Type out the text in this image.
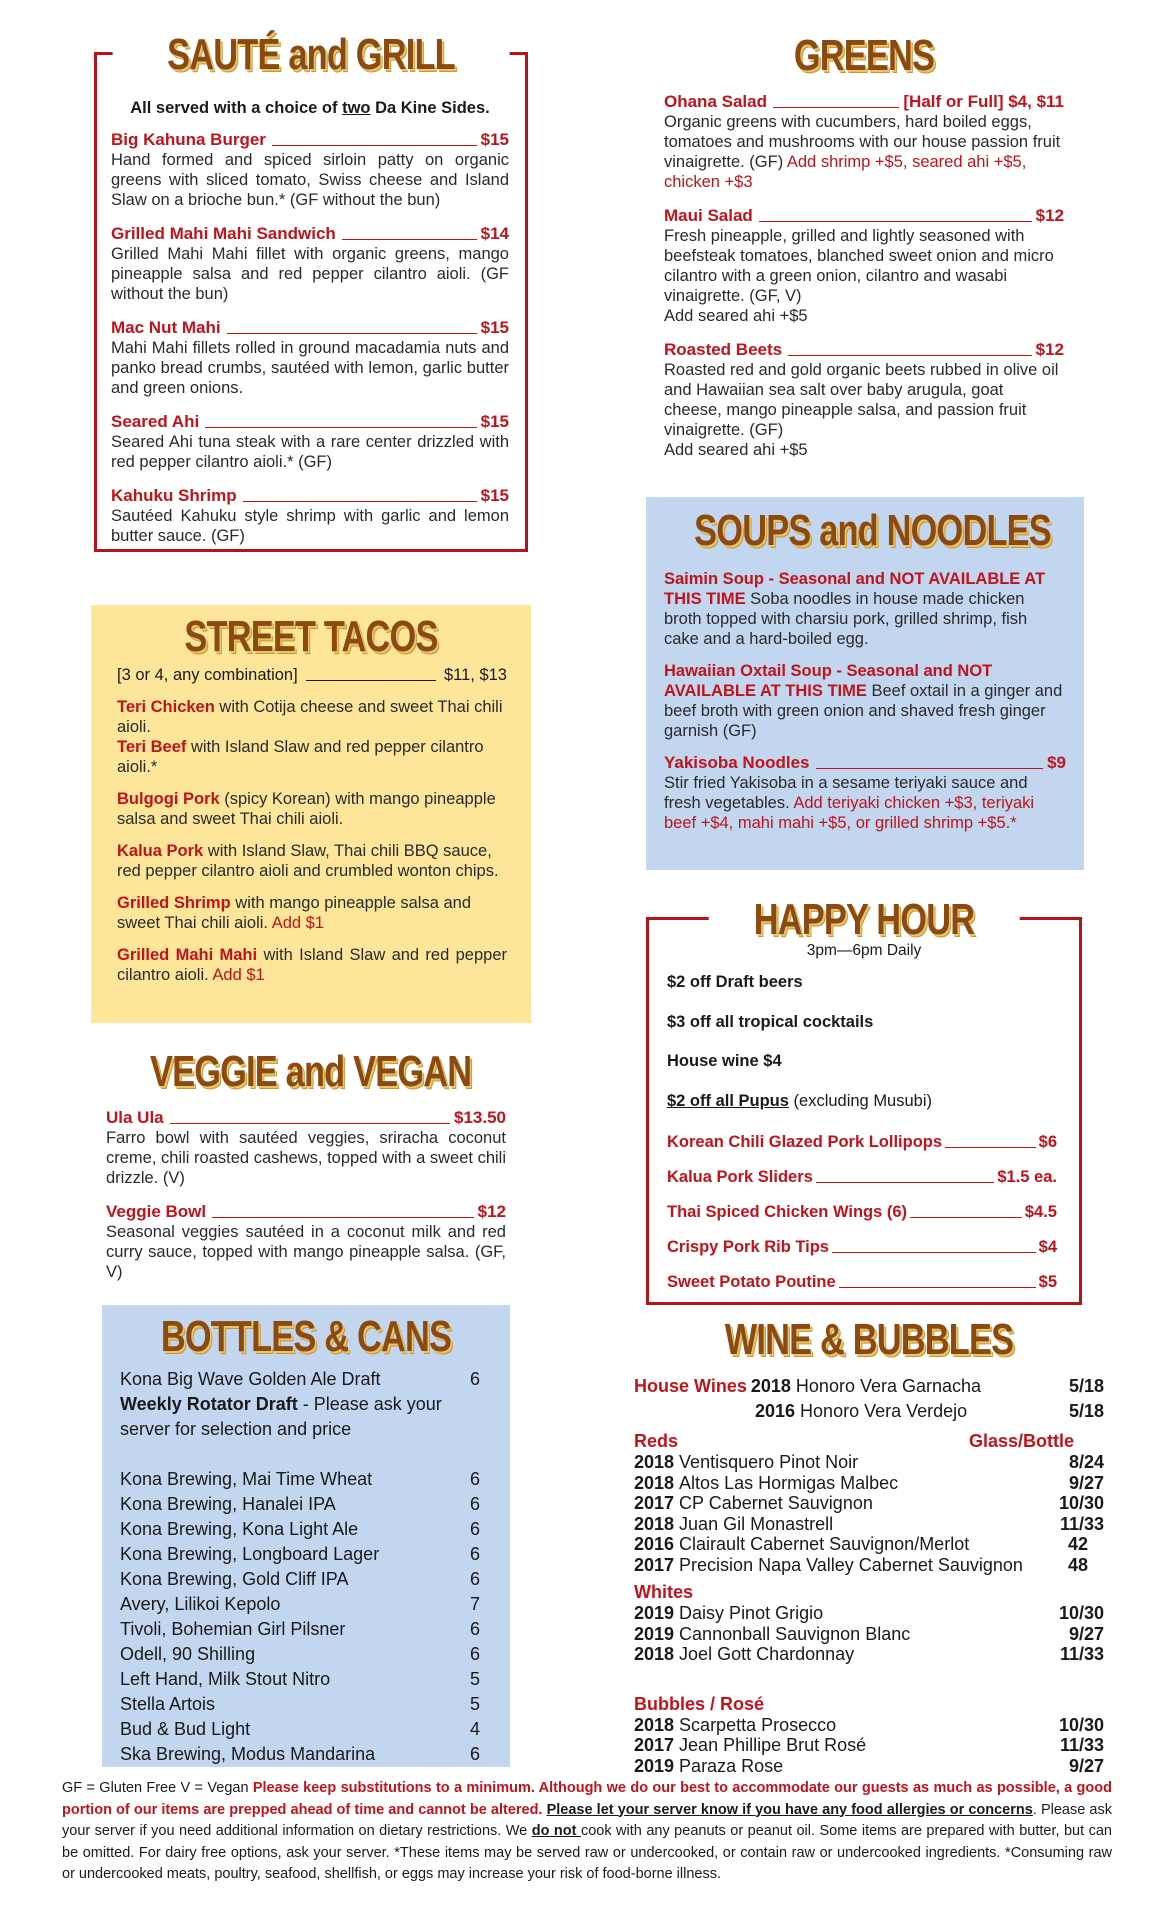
SAUTÉ and GRILL
All served with a choice of two Da Kine Sides.
Big Kahuna Burger	$15
Hand formed and spiced sirloin patty on organic greens with sliced tomato, Swiss cheese and Island Slaw on a brioche bun.* (GF without the bun)
Grilled Mahi Mahi Sandwich	$14
Grilled Mahi Mahi fillet with organic greens, mango pineapple salsa and red pepper cilantro aioli. (GF without the bun)
Mac Nut Mahi	$15
Mahi Mahi fillets rolled in ground macadamia nuts and panko bread crumbs, sautéed with lemon, garlic butter and green onions.
Seared Ahi	$15
Seared Ahi tuna steak with a rare center drizzled with red pepper cilantro aioli.* (GF)
Kahuku Shrimp	$15
Sautéed Kahuku style shrimp with garlic and lemon butter sauce. (GF)
GREENS
Ohana Salad	[Half or Full] $4, $11
Organic greens with cucumbers, hard boiled eggs, tomatoes and mushrooms with our house passion fruit vinaigrette. (GF) Add shrimp +$5, seared ahi +$5, chicken +$3
Maui Salad	$12
Fresh pineapple, grilled and lightly seasoned with beefsteak tomatoes, blanched sweet onion and micro cilantro with a green onion, cilantro and wasabi vinaigrette. (GF, V)
Add seared ahi +$5
Roasted Beets	$12
Roasted red and gold organic beets rubbed in olive oil and Hawaiian sea salt over baby arugula, goat cheese, mango pineapple salsa, and passion fruit vinaigrette. (GF)
Add seared ahi +$5
STREET TACOS
[3 or 4, any combination]	$11, $13
Teri Chicken with Cotija cheese and sweet Thai chili aioli.
Teri Beef with Island Slaw and red pepper cilantro aioli.*
Bulgogi Pork (spicy Korean) with mango pineapple salsa and sweet Thai chili aioli.
Kalua Pork with Island Slaw, Thai chili BBQ sauce, red pepper cilantro aioli and crumbled wonton chips.
Grilled Shrimp with mango pineapple salsa and sweet Thai chili aioli. Add $1
Grilled Mahi Mahi with Island Slaw and red pepper cilantro aioli. Add $1
VEGGIE and VEGAN
Ula Ula	$13.50
Farro bowl with sautéed veggies, sriracha coconut creme, chili roasted cashews, topped with a sweet chili drizzle. (V)
Veggie Bowl	$12
Seasonal veggies sautéed in a coconut milk and red curry sauce, topped with mango pineapple salsa. (GF, V)
BOTTLES & CANS
Kona Big Wave Golden Ale Draft	6
Weekly Rotator Draft - Please ask your server for selection and price
Kona Brewing, Mai Time Wheat	6
Kona Brewing, Hanalei IPA	6
Kona Brewing, Kona Light Ale	6
Kona Brewing, Longboard Lager	6
Kona Brewing, Gold Cliff IPA	6
Avery, Lilikoi Kepolo	7
Tivoli, Bohemian Girl Pilsner	6
Odell, 90 Shilling	6
Left Hand, Milk Stout Nitro	5
Stella Artois	5
Bud & Bud Light	4
Ska Brewing, Modus Mandarina	6
SOUPS and NOODLES
Saimin Soup - Seasonal and NOT AVAILABLE AT THIS TIME Soba noodles in house made chicken broth topped with charsiu pork, grilled shrimp, fish cake and a hard-boiled egg.
Hawaiian Oxtail Soup - Seasonal and NOT AVAILABLE AT THIS TIME Beef oxtail in a ginger and beef broth with green onion and shaved fresh ginger garnish (GF)
Yakisoba Noodles	$9
Stir fried Yakisoba in a sesame teriyaki sauce and fresh vegetables. Add teriyaki chicken +$3, teriyaki beef +$4, mahi mahi +$5, or grilled shrimp +$5.*
HAPPY HOUR
3pm—6pm Daily
$2 off Draft beers
$3 off all tropical cocktails
House wine $4
$2 off all Pupus (excluding Musubi)
Korean Chili Glazed Pork Lollipops	$6
Kalua Pork Sliders	$1.5 ea.
Thai Spiced Chicken Wings (6)	$4.5
Crispy Pork Rib Tips	$4
Sweet Potato Poutine	$5
WINE & BUBBLES
House Wines 2018 Honoro Vera Garnacha	5/18
2016 Honoro Vera Verdejo	5/18
Reds	Glass/Bottle
2018 Ventisquero Pinot Noir	8/24
2018 Altos Las Hormigas Malbec	9/27
2017 CP Cabernet Sauvignon	10/30
2018 Juan Gil Monastrell	11/33
2016 Clairault Cabernet Sauvignon/Merlot	42
2017 Precision Napa Valley Cabernet Sauvignon	48
Whites
2019 Daisy Pinot Grigio	10/30
2019 Cannonball Sauvignon Blanc	9/27
2018 Joel Gott Chardonnay	11/33
Bubbles / Rosé
2018 Scarpetta Prosecco	10/30
2017 Jean Phillipe Brut Rosé	11/33
2019 Paraza Rose	9/27
GF = Gluten Free V = Vegan Please keep substitutions to a minimum. Although we do our best to accommodate our guests as much as possible, a good portion of our items are prepped ahead of time and cannot be altered. Please let your server know if you have any food allergies or concerns. Please ask your server if you need additional information on dietary restrictions. We do not cook with any peanuts or peanut oil. Some items are prepared with butter, but can be omitted. For dairy free options, ask your server. *These items may be served raw or undercooked, or contain raw or undercooked ingredients. *Consuming raw or undercooked meats, poultry, seafood, shellfish, or eggs may increase your risk of food-borne illness.
